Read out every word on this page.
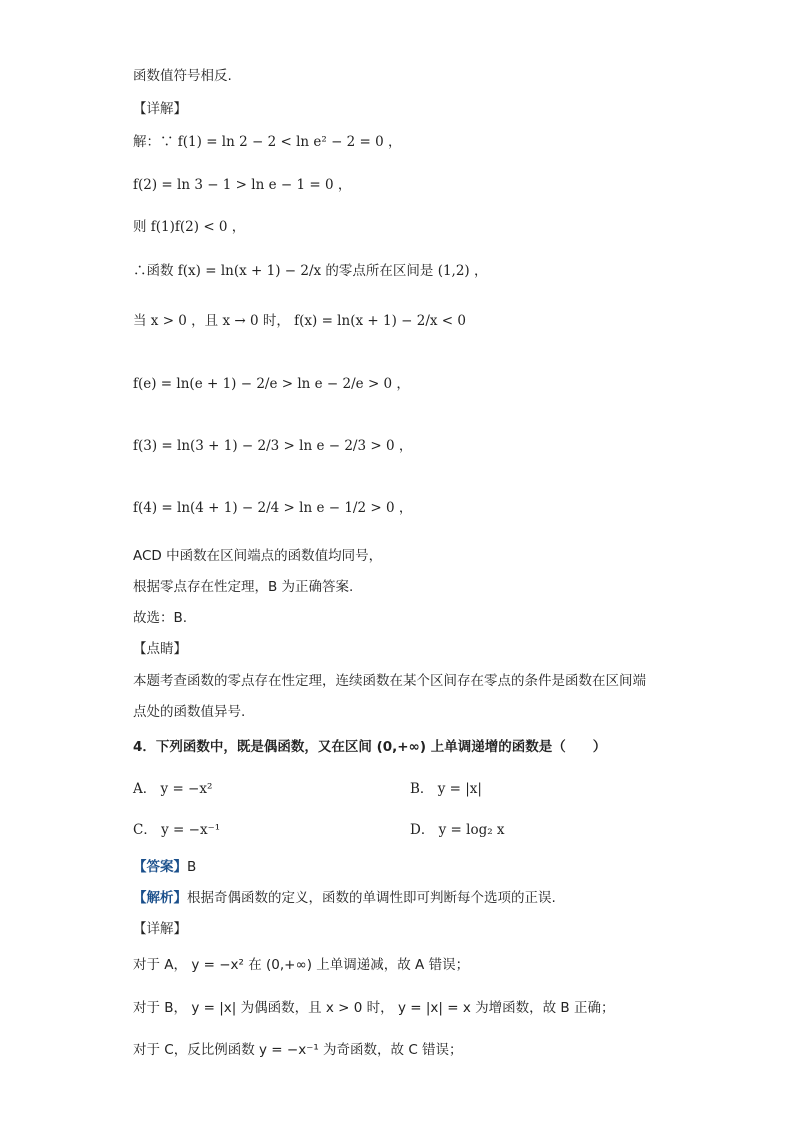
函数值符号相反.
【详解】
解：∵ f(1) = ln 2 − 2 < ln e² − 2 = 0 ，
f(2) = ln 3 − 1 > ln e − 1 = 0 ，
则 f(1)f(2) < 0 ，
∴函数 f(x) = ln(x + 1) − 2/x 的零点所在区间是 (1,2) ，
当 x > 0 ，且 x → 0 时， f(x) = ln(x + 1) − 2/x < 0
f(e) = ln(e + 1) − 2/e > ln e − 2/e > 0 ，
f(3) = ln(3 + 1) − 2/3 > ln e − 2/3 > 0 ，
f(4) = ln(4 + 1) − 2/4 > ln e − 1/2 > 0 ，
ACD 中函数在区间端点的函数值均同号，
根据零点存在性定理，B 为正确答案.
故选：B.
【点睛】
本题考查函数的零点存在性定理，连续函数在某个区间存在零点的条件是函数在区间端
点处的函数值异号.
4．下列函数中，既是偶函数，又在区间 (0,+∞) 上单调递增的函数是（　　）
A． y = −x²	B． y = |x|
C． y = −x⁻¹	D． y = log₂ x
【答案】B
【解析】根据奇偶函数的定义，函数的单调性即可判断每个选项的正误.
【详解】
对于 A， y = −x² 在 (0,+∞) 上单调递减，故 A 错误；
对于 B， y = |x| 为偶函数，且 x > 0 时， y = |x| = x 为增函数，故 B 正确；
对于 C，反比例函数 y = −x⁻¹ 为奇函数，故 C 错误；
